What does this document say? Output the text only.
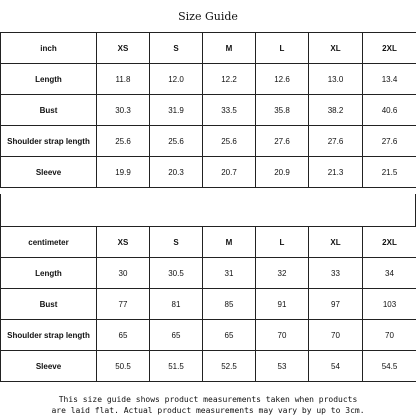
Size Guide
inch	XS	S	M	L	XL	2XL
Length	11.8	12.0	12.2	12.6	13.0	13.4
Bust	30.3	31.9	33.5	35.8	38.2	40.6
Shoulder strap length	25.6	25.6	25.6	27.6	27.6	27.6
Sleeve	19.9	20.3	20.7	20.9	21.3	21.5
centimeter	XS	S	M	L	XL	2XL
Length	30	30.5	31	32	33	34
Bust	77	81	85	91	97	103
Shoulder strap length	65	65	65	70	70	70
Sleeve	50.5	51.5	52.5	53	54	54.5
This size guide shows product measurements taken when products
are laid flat. Actual product measurements may vary by up to 3cm.
